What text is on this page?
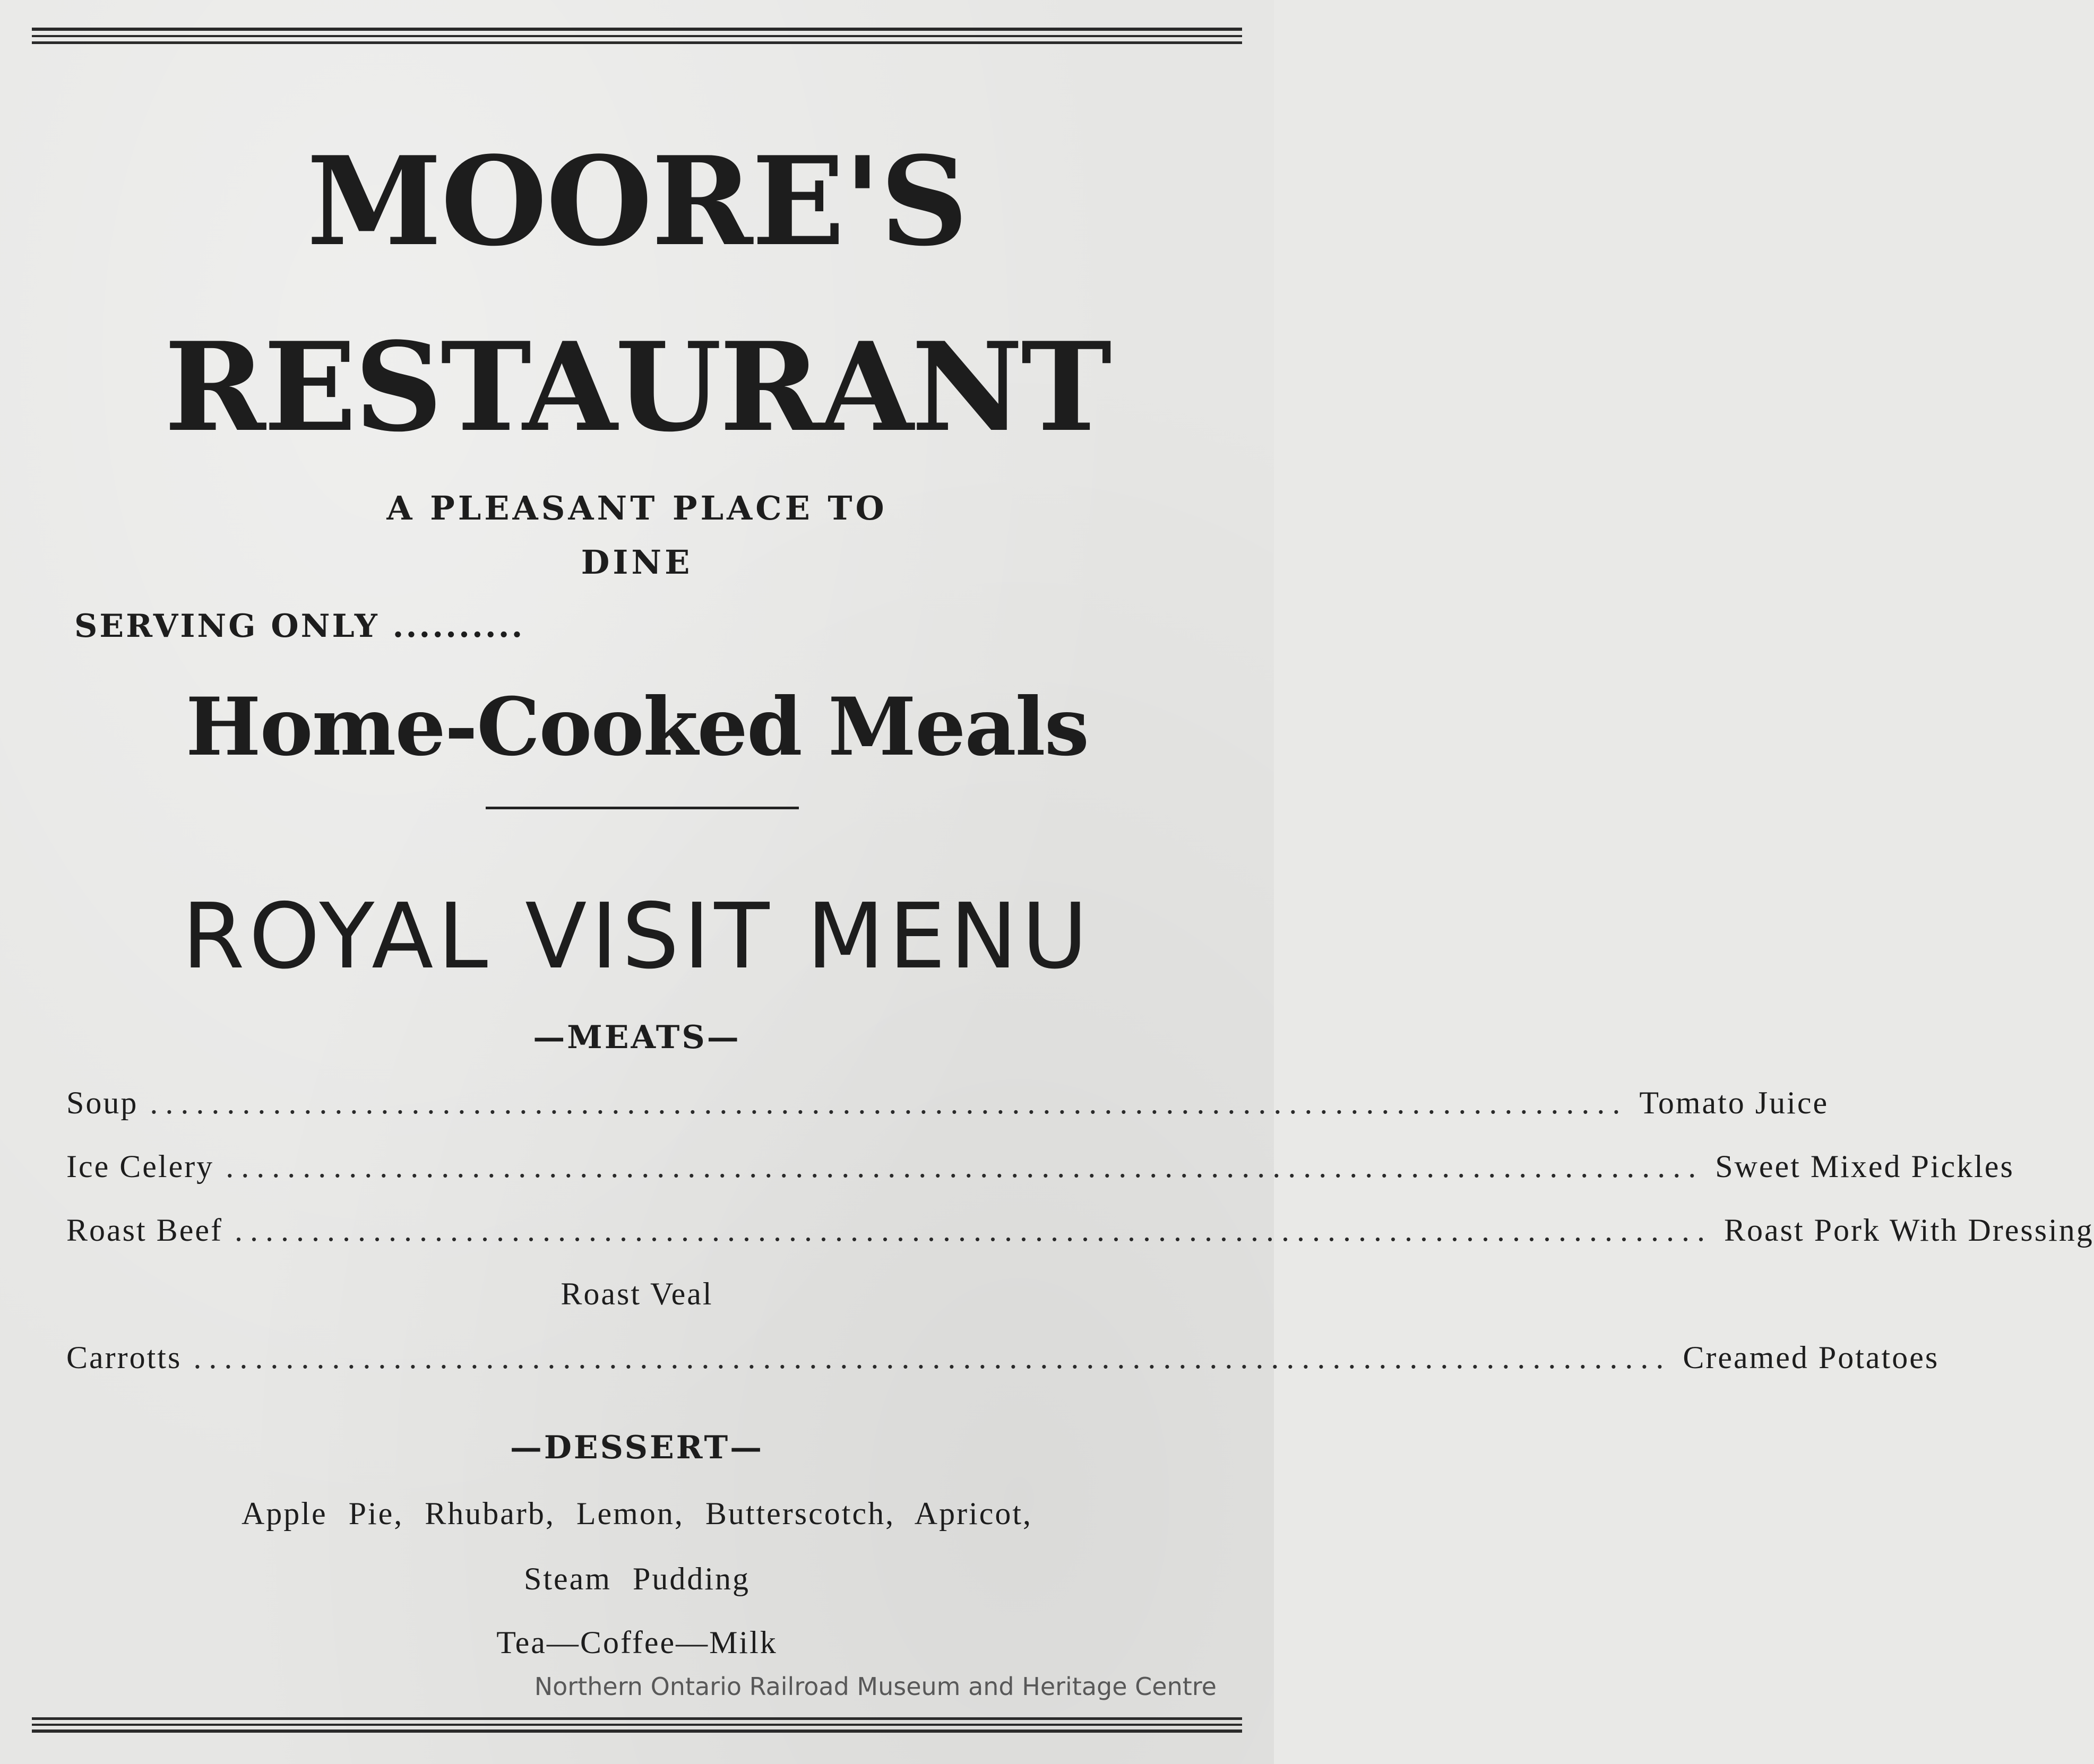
MOORE'S
RESTAURANT
A PLEASANT PLACE TO
DINE
SERVING ONLY ..........
Home-Cooked Meals
ROYAL VISIT MENU
—MEATS—
Soup ................................................................................................ Tomato Juice
Ice Celery ................................................................................................ Sweet Mixed Pickles
Roast Beef ................................................................................................ Roast Pork With Dressing
Roast Veal
Carrotts ................................................................................................ Creamed Potatoes
—DESSERT—
Apple Pie, Rhubarb, Lemon, Butterscotch, Apricot,
Steam Pudding
Tea—Coffee—Milk
Northern Ontario Railroad Museum and Heritage Centre
